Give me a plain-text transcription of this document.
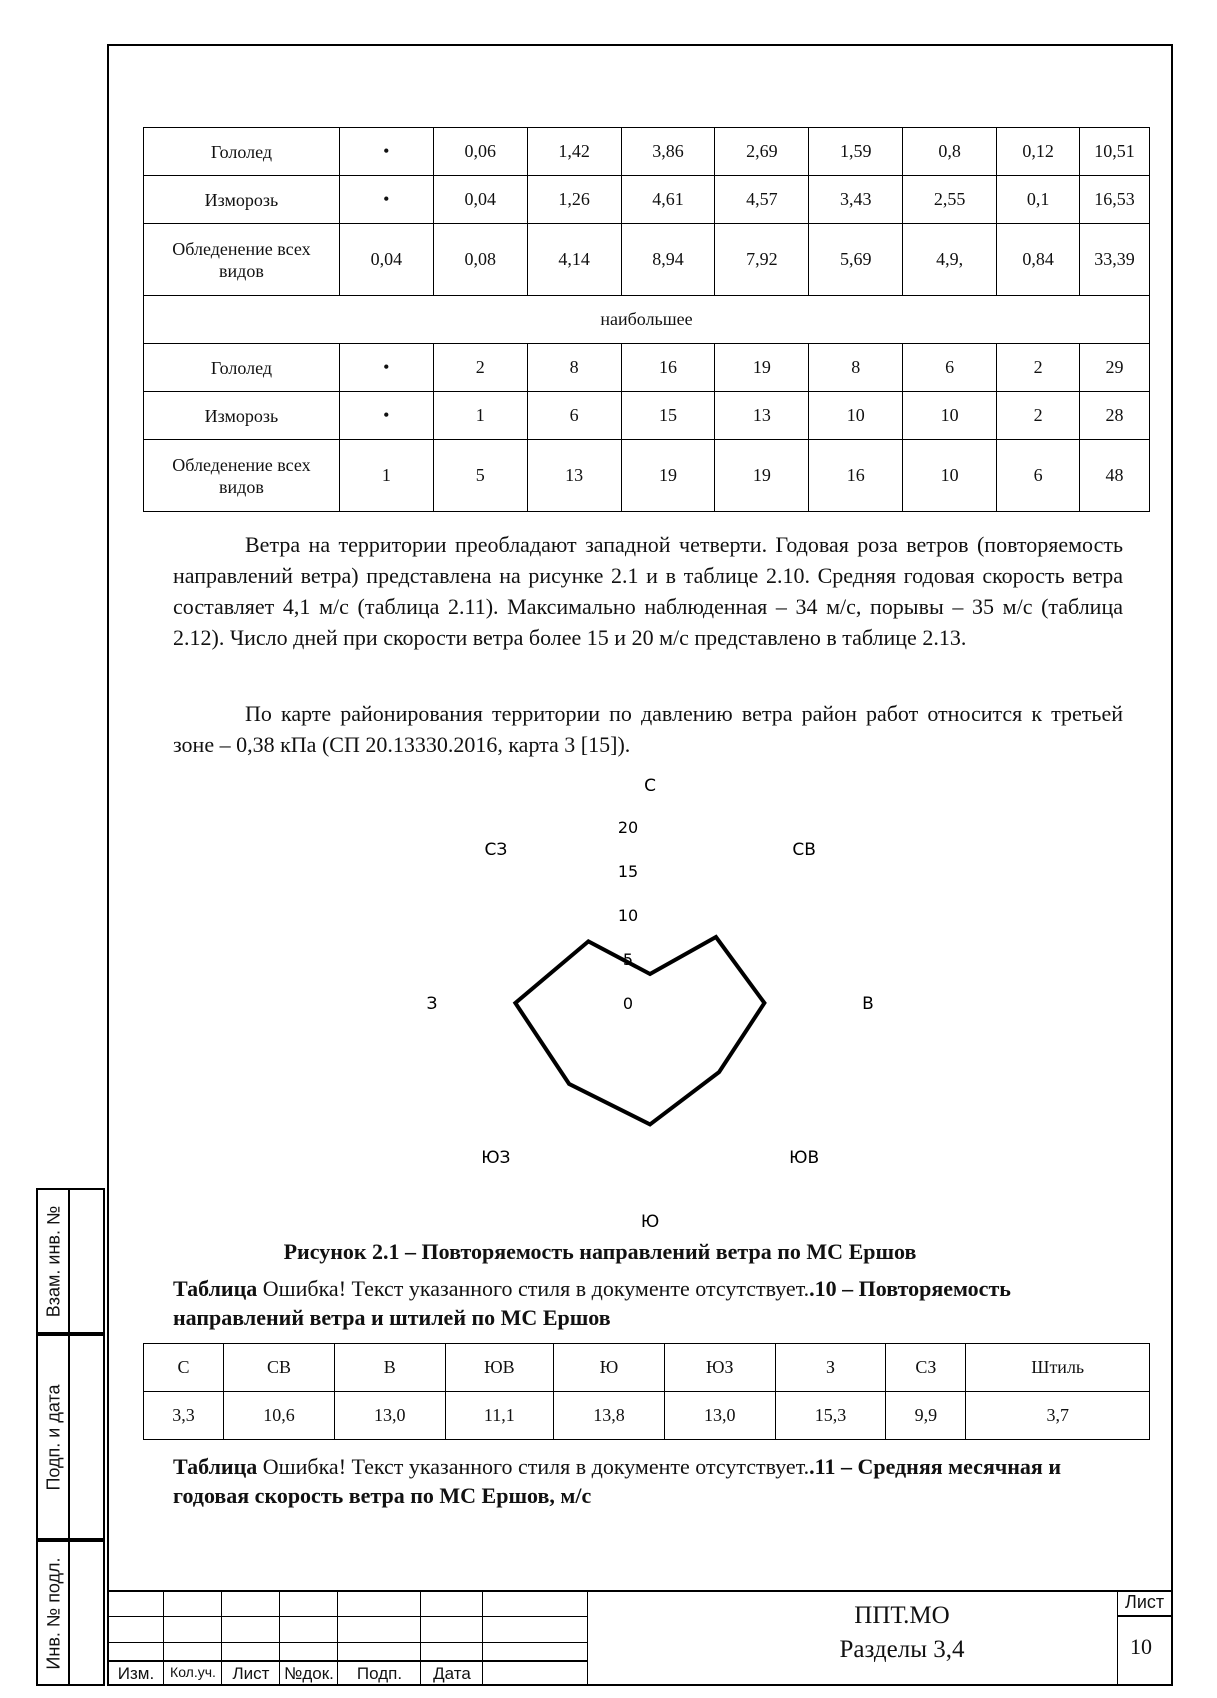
Взам. инв. №
Подп. и дата
Инв. № подл.
Гололед	•	0,06	1,42	3,86	2,69	1,59	0,8	0,12	10,51
Изморозь	•	0,04	1,26	4,61	4,57	3,43	2,55	0,1	16,53
Обледенение всех видов	0,04	0,08	4,14	8,94	7,92	5,69	4,9,	0,84	33,39
наибольшее									
Гололед	•	2	8	16	19	8	6	2	29
Изморозь	•	1	6	15	13	10	10	2	28
Обледенение всех видов	1	5	13	19	19	16	10	6	48

Ветра на территории преобладают западной четверти. Годовая роза ветров (повторяемость направлений ветра) представлена на рисунке 2.1 и в таблице 2.10. Средняя годовая скорость ветра составляет 4,1 м/с (таблица 2.11). Максимально наблюденная – 34 м/с, порывы – 35 м/с (таблица 2.12). Число дней при скорости ветра более 15 и 20 м/с представлено в таблице 2.13.

По карте районирования территории по давлению ветра район работ относится к третьей зоне – 0,38 кПа (СП 20.13330.2016, карта 3 [15]).

0
5
10
15
20
С
СВ
В
ЮВ
Ю
ЮЗ
З
СЗ

Рисунок 2.1 – Повторяемость направлений ветра по МС Ершов

Таблица Ошибка! Текст указанного стиля в документе отсутствует..10 – Повторяемость направлений ветра и штилей по МС Ершов

С	СВ	В	ЮВ	Ю	ЮЗ	З	СЗ	Штиль
3,3	10,6	13,0	11,1	13,8	13,0	15,3	9,9	3,7

Таблица Ошибка! Текст указанного стиля в документе отсутствует..11 – Средняя месячная и годовая скорость ветра по МС Ершов, м/с

Изм.	Кол.уч. Лист №док.	Подп.	Дата
ППТ.МО
Разделы 3,4
Лист
10
